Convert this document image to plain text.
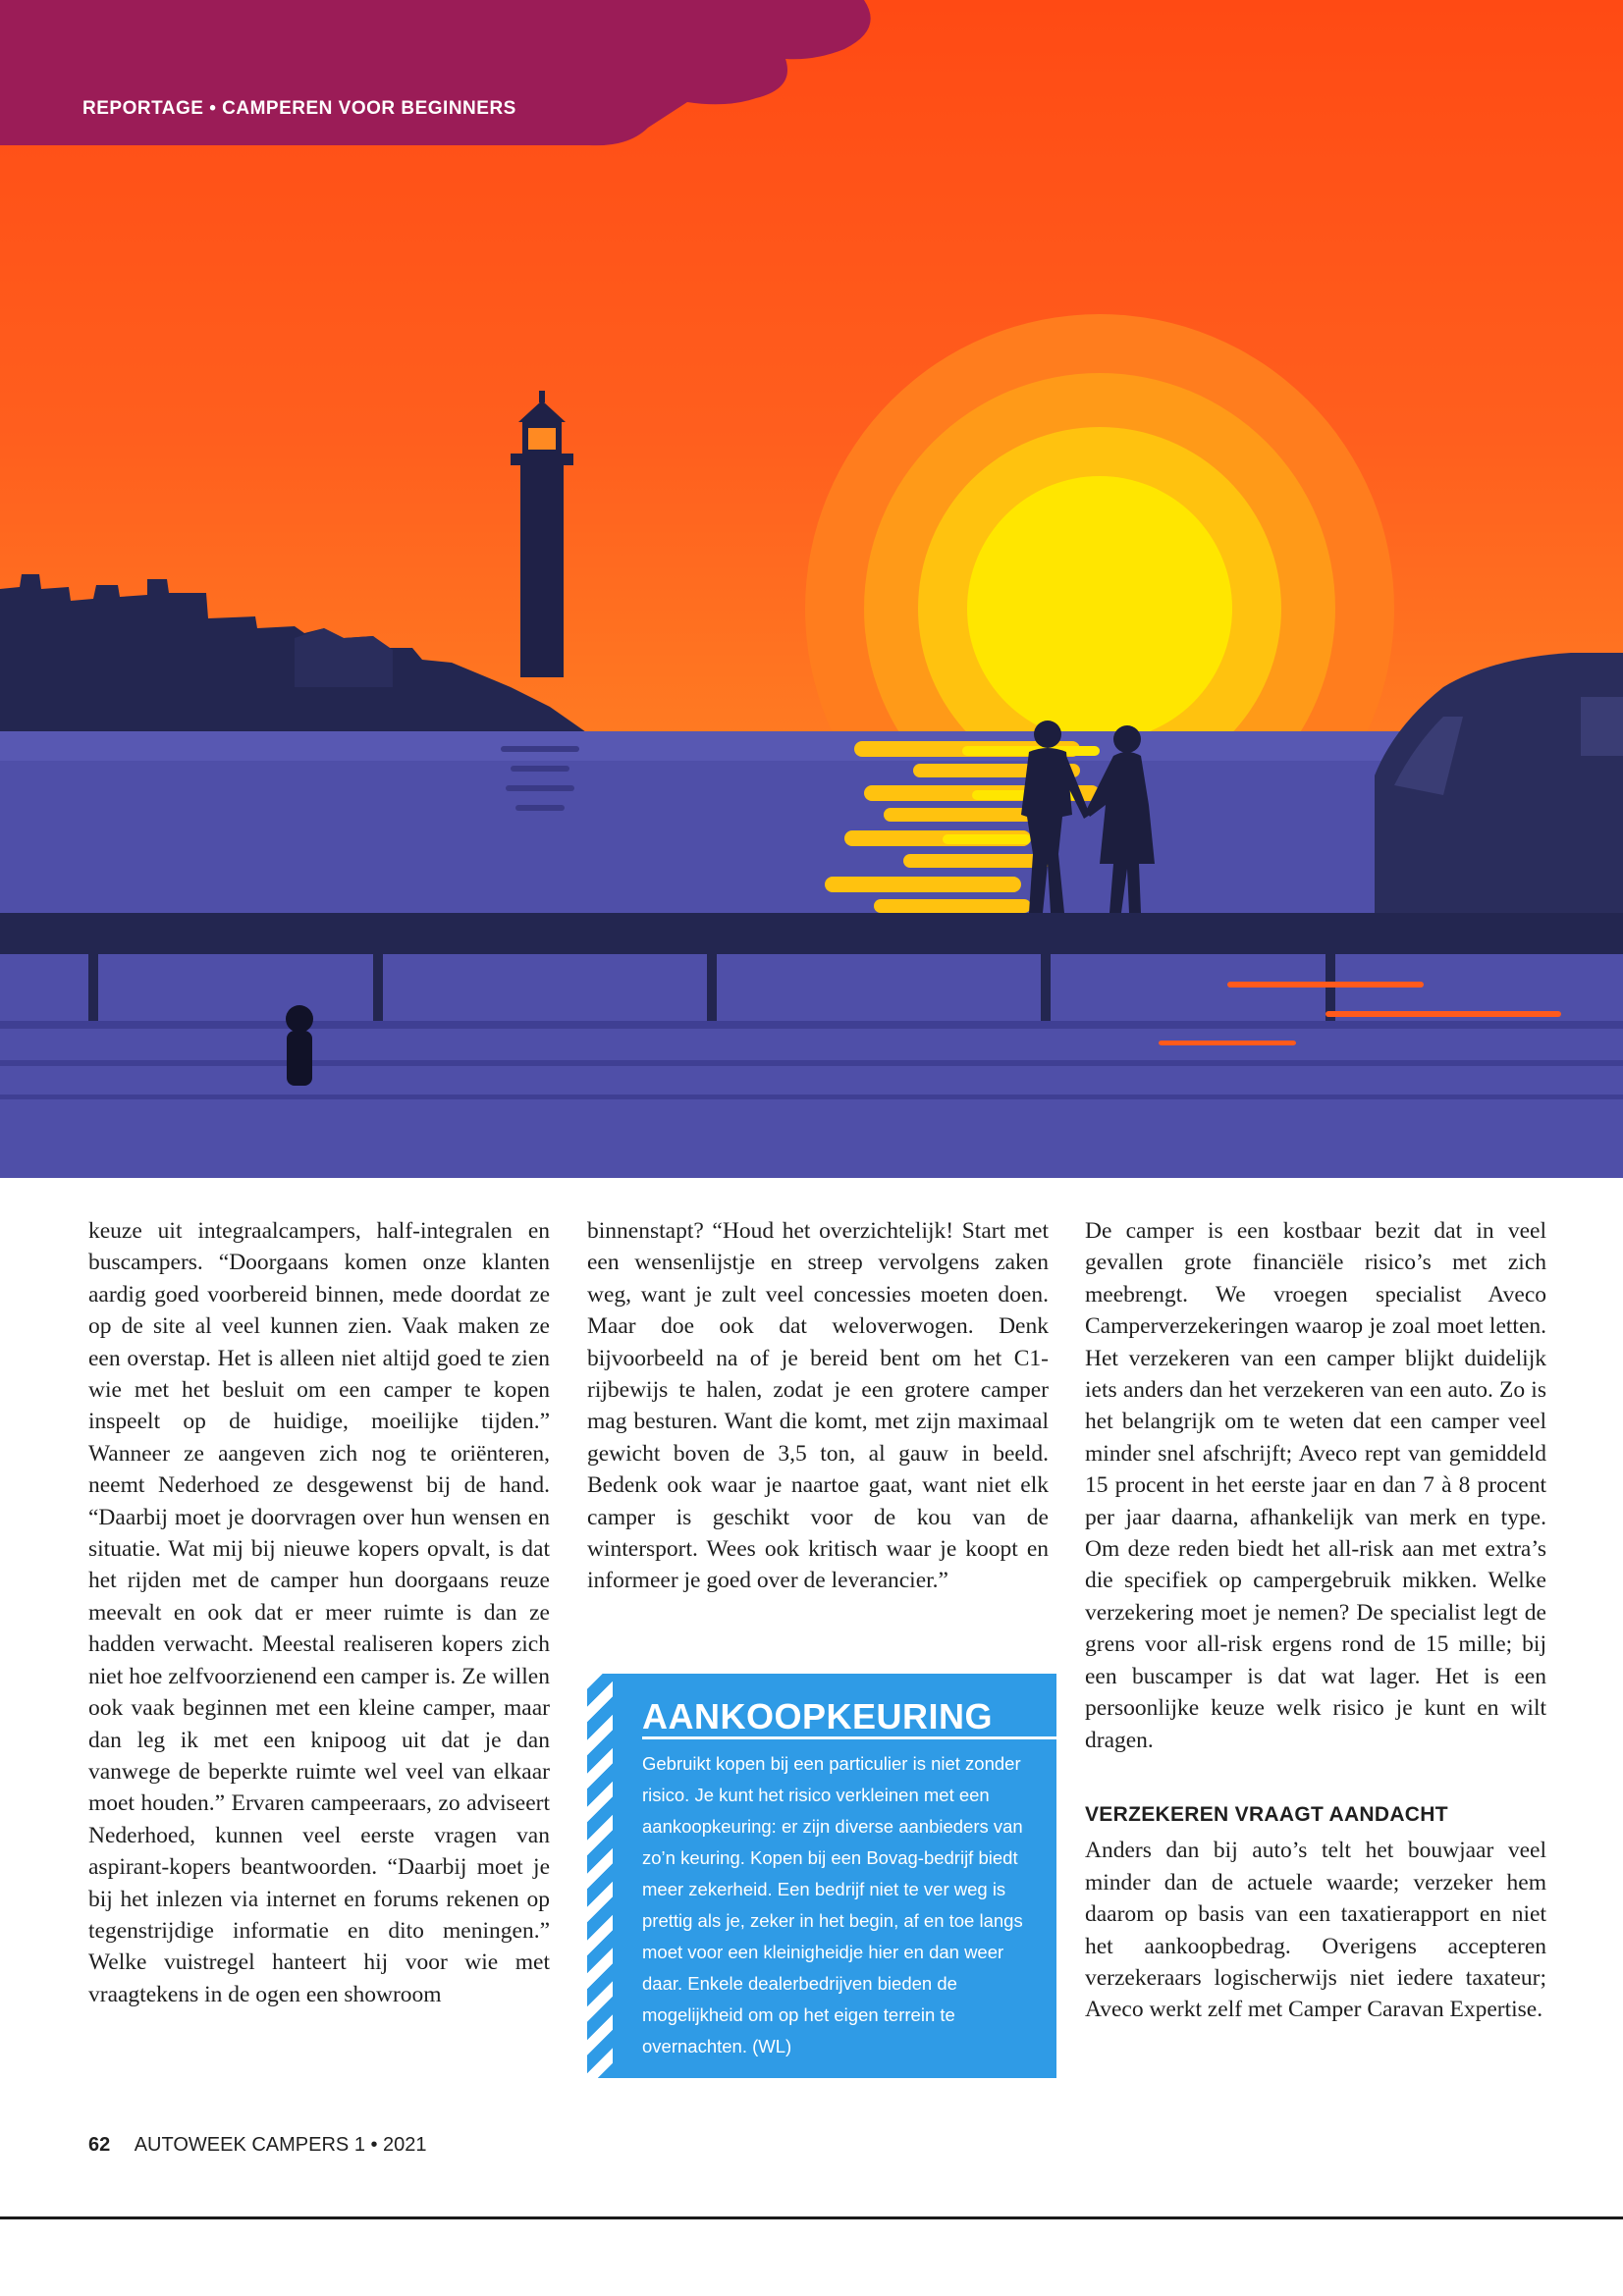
REPORTAGE • CAMPEREN VOOR BEGINNERS

keuze uit integraalcampers, half-integralen en buscampers. “Doorgaans komen onze klanten aardig goed voorbereid binnen, mede doordat ze op de site al veel kunnen zien. Vaak maken ze een overstap. Het is alleen niet altijd goed te zien wie met het besluit om een camper te kopen inspeelt op de huidige, moeilijke tijden.” Wanneer ze aangeven zich nog te oriënteren, neemt Nederhoed ze desgewenst bij de hand. “Daarbij moet je doorvragen over hun wensen en situatie. Wat mij bij nieuwe kopers opvalt, is dat het rijden met de camper hun doorgaans reuze meevalt en ook dat er meer ruimte is dan ze hadden verwacht. Meestal realiseren kopers zich niet hoe zelfvoorzienend een camper is. Ze willen ook vaak beginnen met een kleine camper, maar dan leg ik met een knipoog uit dat je dan vanwege de beperkte ruimte wel veel van elkaar moet houden.” Ervaren campeeraars, zo adviseert Nederhoed, kunnen veel eerste vragen van aspirant-kopers beantwoorden. “Daarbij moet je bij het inlezen via internet en forums rekenen op tegenstrijdige informatie en dito meningen.” Welke vuistregel hanteert hij voor wie met vraagtekens in de ogen een showroom

binnenstapt? “Houd het overzichtelijk! Start met een wensenlijstje en streep vervolgens zaken weg, want je zult veel concessies moeten doen. Maar doe ook dat weloverwogen. Denk bijvoorbeeld na of je bereid bent om het C1-rijbewijs te halen, zodat je een grotere camper mag besturen. Want die komt, met zijn maximaal gewicht boven de 3,5 ton, al gauw in beeld. Bedenk ook waar je naartoe gaat, want niet elk camper is geschikt voor de kou van de wintersport. Wees ook kritisch waar je koopt en informeer je goed over de leverancier.”

AANKOOPKEURING

Gebruikt kopen bij een particulier is niet zonder risico. Je kunt het risico verkleinen met een aankoopkeuring: er zijn diverse aanbieders van zo’n keuring. Kopen bij een Bovag-bedrijf biedt meer zekerheid. Een bedrijf niet te ver weg is prettig als je, zeker in het begin, af en toe langs moet voor een kleinigheidje hier en dan weer daar. Enkele dealerbedrijven bieden de mogelijkheid om op het eigen terrein te overnachten. (WL)

De camper is een kostbaar bezit dat in veel gevallen grote financiële risico’s met zich meebrengt. We vroegen specialist Aveco Camperverzekeringen waarop je zoal moet letten. Het verzekeren van een camper blijkt duidelijk iets anders dan het verzekeren van een auto. Zo is het belangrijk om te weten dat een camper veel minder snel afschrijft; Aveco rept van gemiddeld 15 procent in het eerste jaar en dan 7 à 8 procent per jaar daarna, afhankelijk van merk en type. Om deze reden biedt het all-risk aan met extra’s die specifiek op campergebruik mikken. Welke verzekering moet je nemen? De specialist legt de grens voor all-risk ergens rond de 15 mille; bij een buscamper is dat wat lager. Het is een persoonlijke keuze welk risico je kunt en wilt dragen.

VERZEKEREN VRAAGT AANDACHT

Anders dan bij auto’s telt het bouwjaar veel minder dan de actuele waarde; verzeker hem daarom op basis van een taxatierapport en niet het aankoopbedrag. Overigens accepteren verzekeraars logischerwijs niet iedere taxateur; Aveco werkt zelf met Camper Caravan Expertise.

62 AUTOWEEK CAMPERS 1 • 2021
